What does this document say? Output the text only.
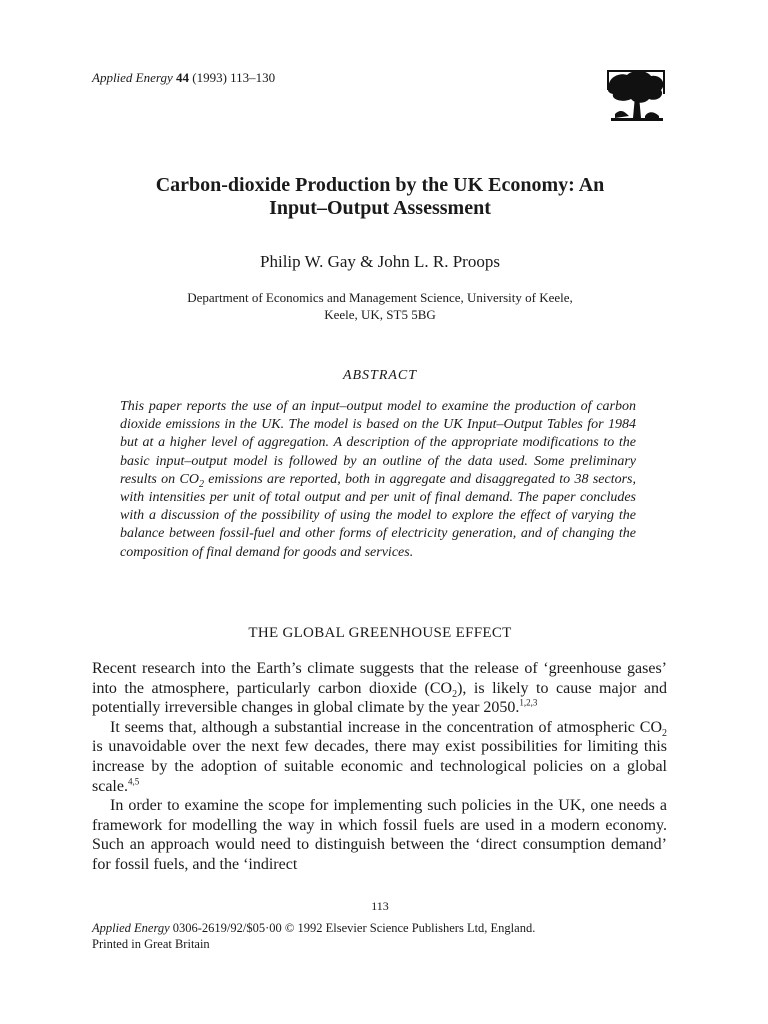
Applied Energy 44 (1993) 113–130
Carbon-dioxide Production by the UK Economy: An
Input–Output Assessment
Philip W. Gay & John L. R. Proops
Department of Economics and Management Science, University of Keele,
Keele, UK, ST5 5BG
ABSTRACT
This paper reports the use of an input–output model to examine the production of carbon dioxide emissions in the UK. The model is based on the UK Input–Output Tables for 1984 but at a higher level of aggregation. A description of the appropriate modifications to the basic input–output model is followed by an outline of the data used. Some preliminary results on $CO_2$ emissions are reported, both in aggregate and disaggregated to 38 sectors, with intensities per unit of total output and per unit of final demand. The paper concludes with a discussion of the possibility of using the model to explore the effect of varying the balance between fossil-fuel and other forms of electricity generation, and of changing the composition of final demand for goods and services.
THE GLOBAL GREENHOUSE EFFECT

Recent research into the Earth’s climate suggests that the release of ‘greenhouse gases’ into the atmosphere, particularly carbon dioxide $(CO_2)$, is likely to cause major and potentially irreversible changes in global climate by the year 2050.$^{1,2,3}$

It seems that, although a substantial increase in the concentration of atmospheric $CO_2$ is unavoidable over the next few decades, there may exist possibilities for limiting this increase by the adoption of suitable economic and technological policies on a global scale.$^{4,5}$

In order to examine the scope for implementing such policies in the UK, one needs a framework for modelling the way in which fossil fuels are used in a modern economy. Such an approach would need to distinguish between the ‘direct consumption demand’ for fossil fuels, and the ‘indirect

113
Applied Energy 0306-2619/92/$05·00 © 1992 Elsevier Science Publishers Ltd, England.
Printed in Great Britain
